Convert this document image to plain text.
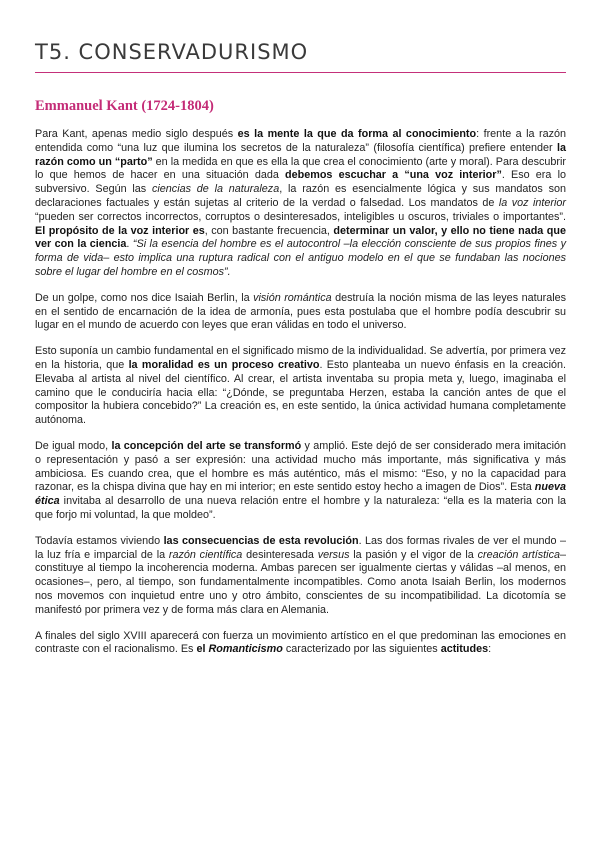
T5. CONSERVADURISMO
Emmanuel Kant (1724-1804)

Para Kant, apenas medio siglo después es la mente la que da forma al conocimiento: frente a la razón entendida como “una luz que ilumina los secretos de la naturaleza” (filosofía científica) prefiere entender la razón como un “parto” en la medida en que es ella la que crea el conocimiento (arte y moral). Para descubrir lo que hemos de hacer en una situación dada debemos escuchar a “una voz interior”. Eso era lo subversivo. Según las ciencias de la naturaleza, la razón es esencialmente lógica y sus mandatos son declaraciones factuales y están sujetas al criterio de la verdad o falsedad. Los mandatos de la voz interior “pueden ser correctos incorrectos, corruptos o desinteresados, inteligibles u oscuros, triviales o importantes”. El propósito de la voz interior es, con bastante frecuencia, determinar un valor, y ello no tiene nada que ver con la ciencia. “Si la esencia del hombre es el autocontrol –la elección consciente de sus propios fines y forma de vida– esto implica una ruptura radical con el antiguo modelo en el que se fundaban las nociones sobre el lugar del hombre en el cosmos”.

De un golpe, como nos dice Isaiah Berlin, la visión romántica destruía la noción misma de las leyes naturales en el sentido de encarnación de la idea de armonía, pues esta postulaba que el hombre podía descubrir su lugar en el mundo de acuerdo con leyes que eran válidas en todo el universo.

Esto suponía un cambio fundamental en el significado mismo de la individualidad. Se advertía, por primera vez en la historia, que la moralidad es un proceso creativo. Esto planteaba un nuevo énfasis en la creación. Elevaba al artista al nivel del científico. Al crear, el artista inventaba su propia meta y, luego, imaginaba el camino que le conduciría hacia ella: “¿Dónde, se preguntaba Herzen, estaba la canción antes de que el compositor la hubiera concebido?” La creación es, en este sentido, la única actividad humana completamente autónoma.

De igual modo, la concepción del arte se transformó y amplió. Este dejó de ser considerado mera imitación o representación y pasó a ser expresión: una actividad mucho más importante, más significativa y más ambiciosa. Es cuando crea, que el hombre es más auténtico, más el mismo: “Eso, y no la capacidad para razonar, es la chispa divina que hay en mi interior; en este sentido estoy hecho a imagen de Dios”. Esta nueva ética invitaba al desarrollo de una nueva relación entre el hombre y la naturaleza: “ella es la materia con la que forjo mi voluntad, la que moldeo”.

Todavía estamos viviendo las consecuencias de esta revolución. Las dos formas rivales de ver el mundo –la luz fría e imparcial de la razón científica desinteresada versus la pasión y el vigor de la creación artística– constituye al tiempo la incoherencia moderna. Ambas parecen ser igualmente ciertas y válidas –al menos, en ocasiones–, pero, al tiempo, son fundamentalmente incompatibles. Como anota Isaiah Berlin, los modernos nos movemos con inquietud entre uno y otro ámbito, conscientes de su incompatibilidad. La dicotomía se manifestó por primera vez y de forma más clara en Alemania.

A finales del siglo XVIII aparecerá con fuerza un movimiento artístico en el que predominan las emociones en contraste con el racionalismo. Es el Romanticismo caracterizado por las siguientes actitudes:
